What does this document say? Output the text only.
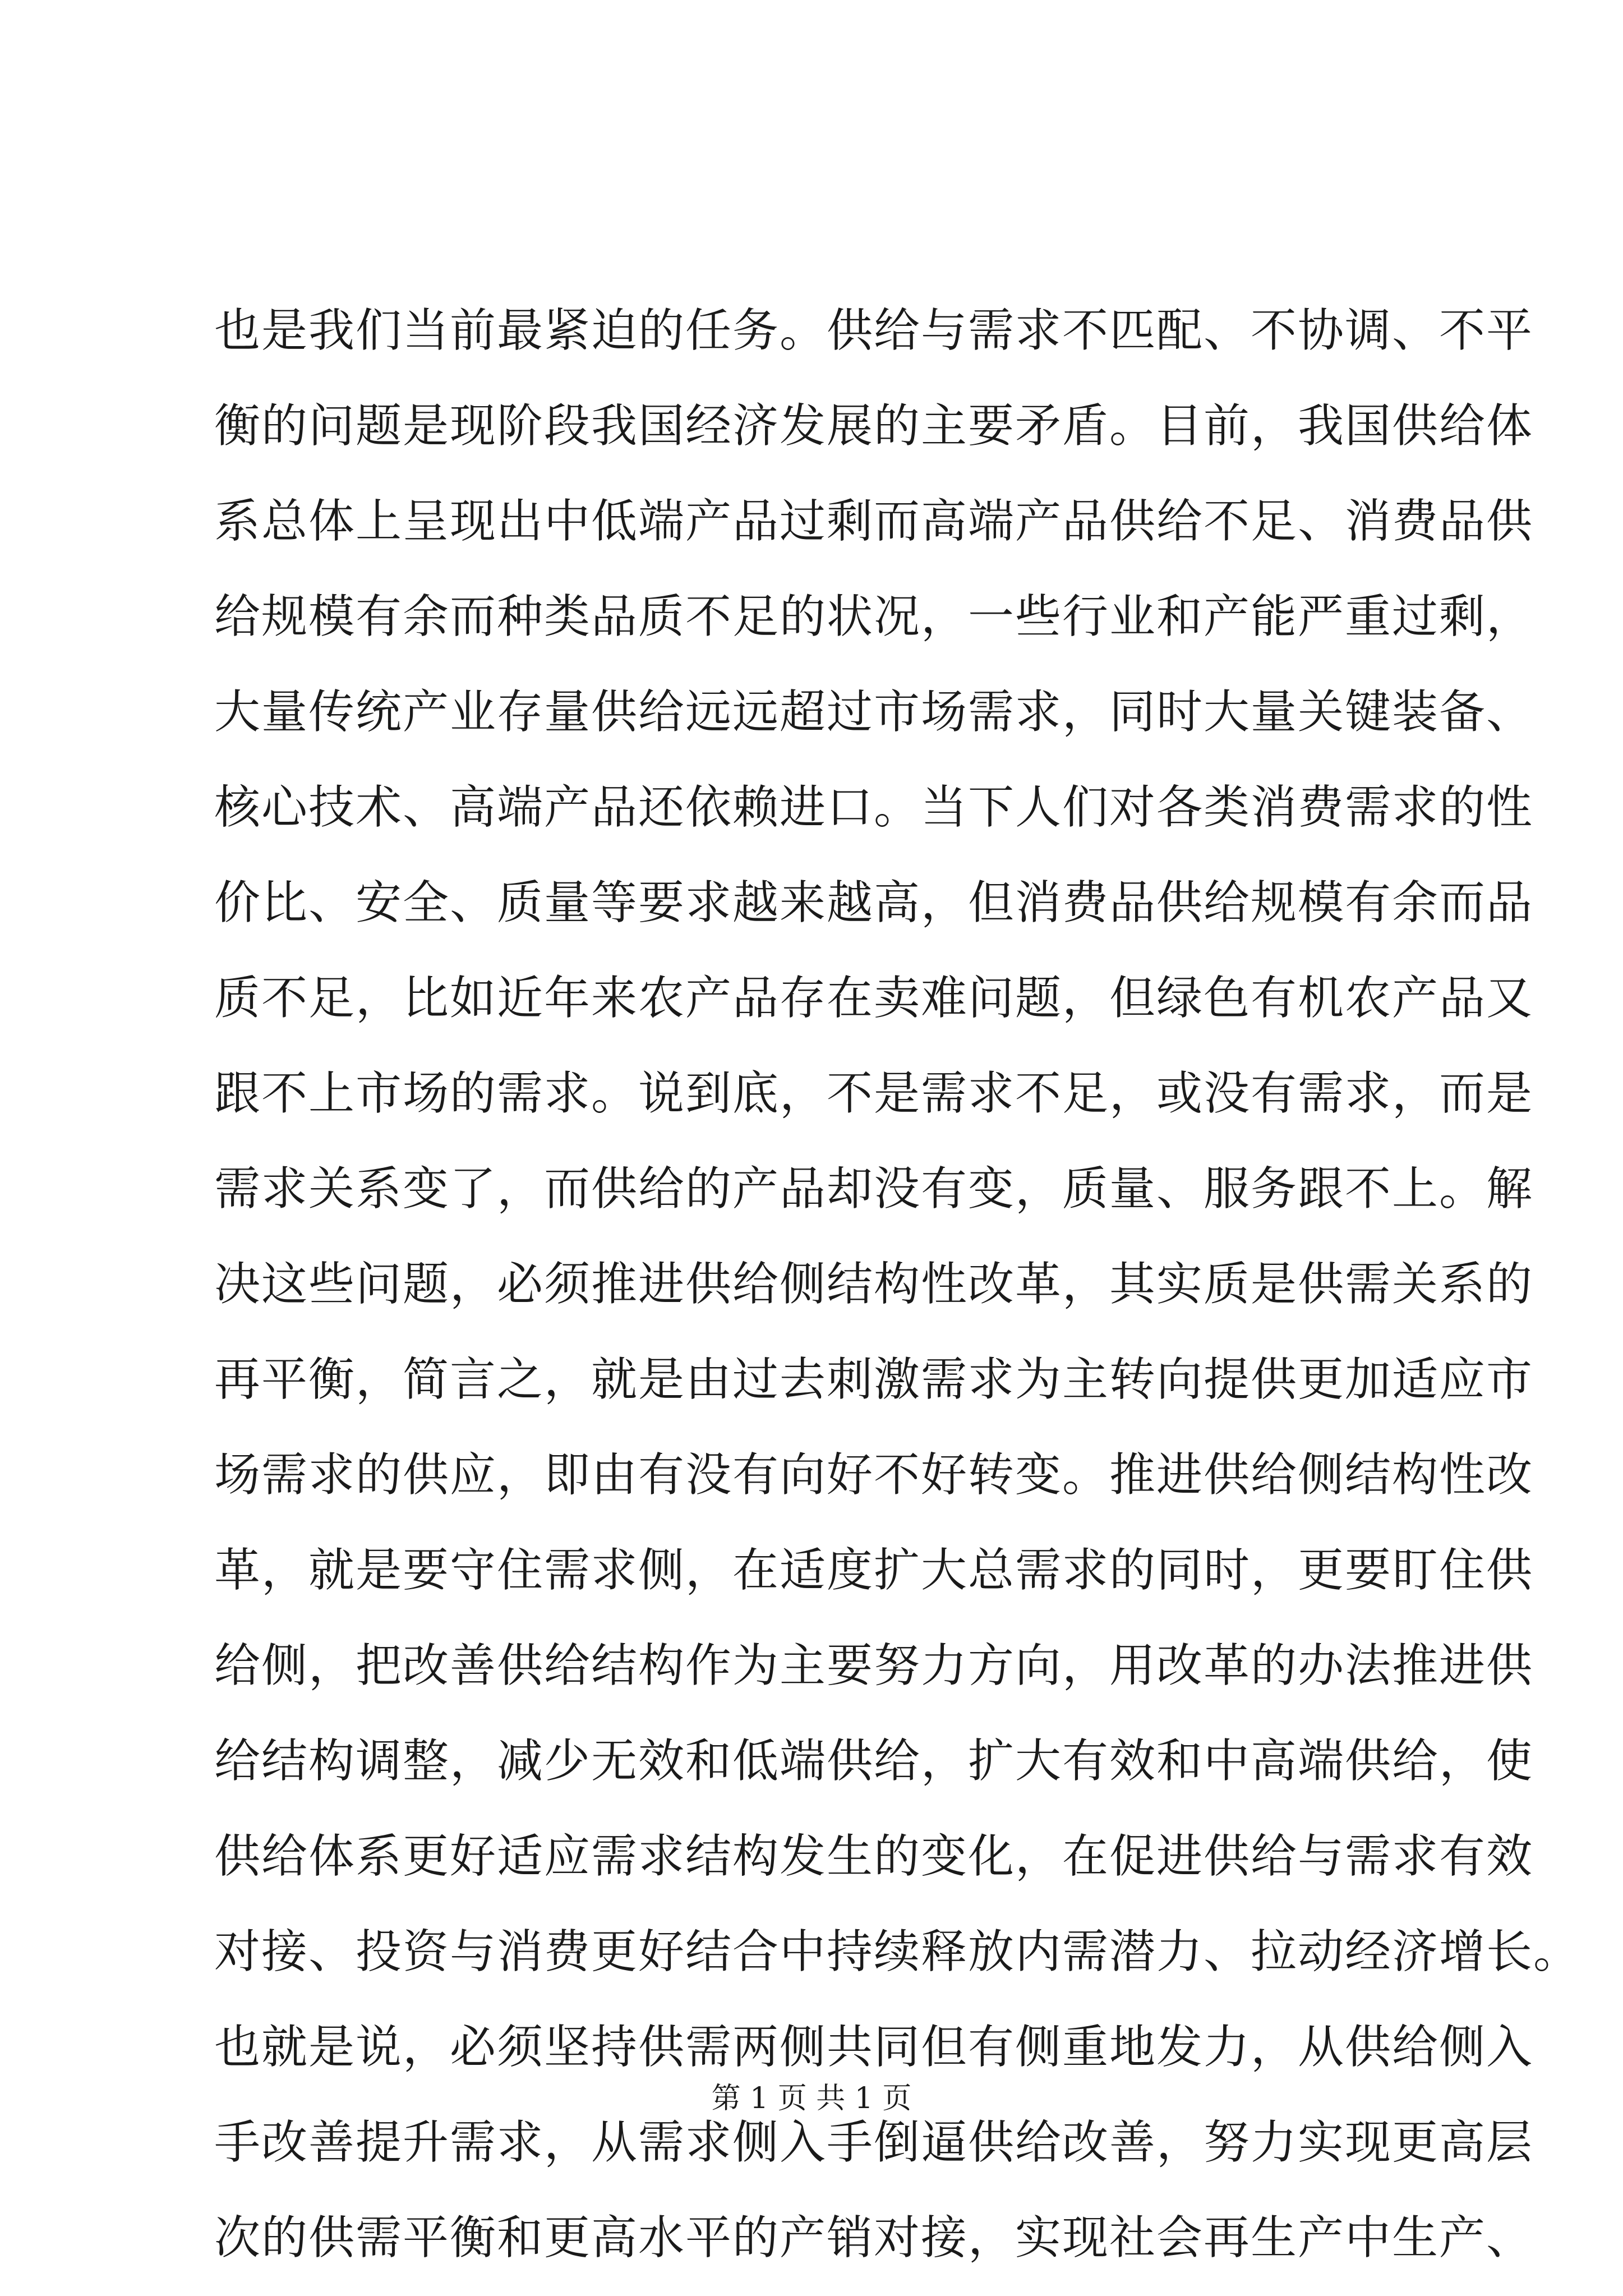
也是我们当前最紧迫的任务。供给与需求不匹配、不协调、不平
衡的问题是现阶段我国经济发展的主要矛盾。目前，我国供给体
系总体上呈现出中低端产品过剩而高端产品供给不足、消费品供
给规模有余而种类品质不足的状况，一些行业和产能严重过剩，
大量传统产业存量供给远远超过市场需求，同时大量关键装备、
核心技术、高端产品还依赖进口。当下人们对各类消费需求的性
价比、安全、质量等要求越来越高，但消费品供给规模有余而品
质不足，比如近年来农产品存在卖难问题，但绿色有机农产品又
跟不上市场的需求。说到底，不是需求不足，或没有需求，而是
需求关系变了，而供给的产品却没有变，质量、服务跟不上。解
决这些问题，必须推进供给侧结构性改革，其实质是供需关系的
再平衡，简言之，就是由过去刺激需求为主转向提供更加适应市
场需求的供应，即由有没有向好不好转变。推进供给侧结构性改
革，就是要守住需求侧，在适度扩大总需求的同时，更要盯住供
给侧，把改善供给结构作为主要努力方向，用改革的办法推进供
给结构调整，减少无效和低端供给，扩大有效和中高端供给，使
供给体系更好适应需求结构发生的变化，在促进供给与需求有效
对接、投资与消费更好结合中持续释放内需潜力、拉动经济增长。
也就是说，必须坚持供需两侧共同但有侧重地发力，从供给侧入
手改善提升需求，从需求侧入手倒逼供给改善，努力实现更高层
次的供需平衡和更高水平的产销对接，实现社会再生产中生产、
第 1 页 共 1 页
